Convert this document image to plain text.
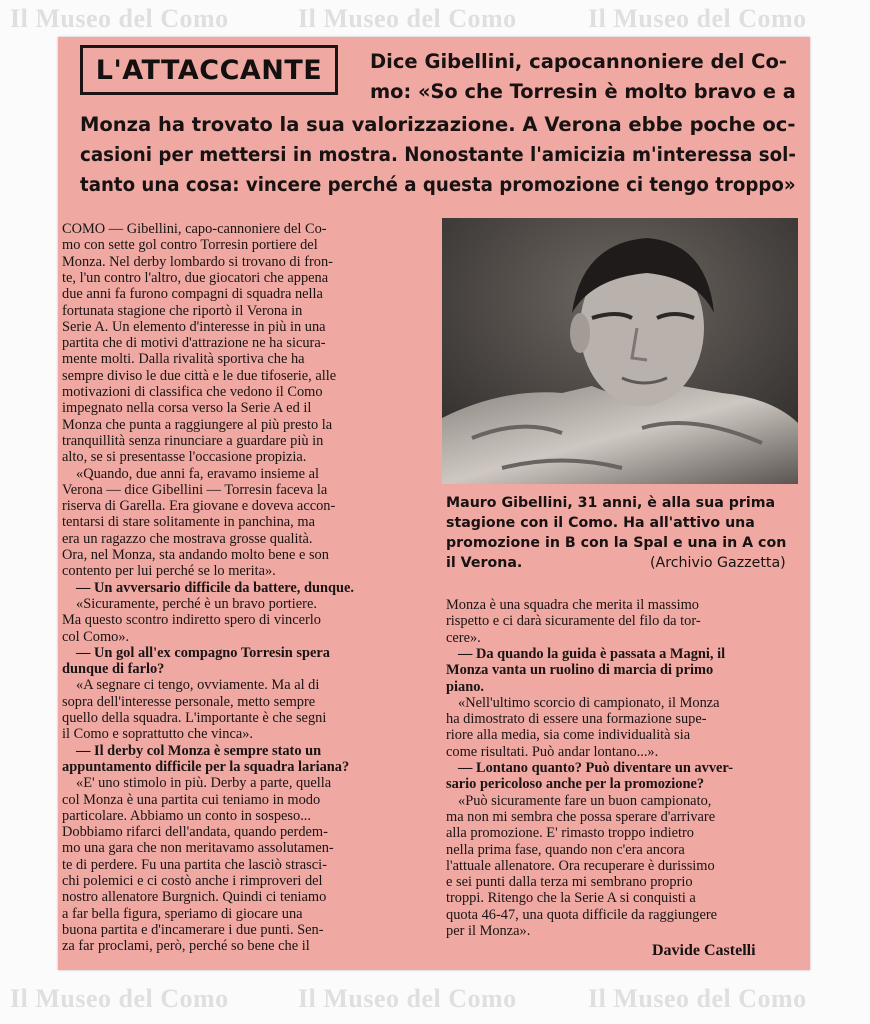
Il Museo del Como	Il Museo del Como	Il Museo del Como
Il Museo del Como	Il Museo del Como	Il Museo del Como
L'ATTACCANTE	Dice Gibellini, capocannoniere del Co-
mo: «So che Torresin è molto bravo e a
Monza ha trovato la sua valorizzazione. A Verona ebbe poche oc-
casioni per mettersi in mostra. Nonostante l'amicizia m'interessa sol-
tanto una cosa: vincere perché a questa promozione ci tengo troppo»
COMO — Gibellini, capo-cannoniere del Co-
mo con sette gol contro Torresin portiere del
Monza. Nel derby lombardo si trovano di fron-
te, l'un contro l'altro, due giocatori che appena
due anni fa furono compagni di squadra nella
fortunata stagione che riportò il Verona in
Serie A. Un elemento d'interesse in più in una
partita che di motivi d'attrazione ne ha sicura-
mente molti. Dalla rivalità sportiva che ha
sempre diviso le due città e le due tifoserie, alle
motivazioni di classifica che vedono il Como
impegnato nella corsa verso la Serie A ed il
Monza che punta a raggiungere al più presto la
tranquillità senza rinunciare a guardare più in
alto, se si presentasse l'occasione propizia.
«Quando, due anni fa, eravamo insieme al
Verona — dice Gibellini — Torresin faceva la
riserva di Garella. Era giovane e doveva accon-
tentarsi di stare solitamente in panchina, ma
era un ragazzo che mostrava grosse qualità.
Ora, nel Monza, sta andando molto bene e son
contento per lui perché se lo merita».
— Un avversario difficile da battere, dunque.
«Sicuramente, perché è un bravo portiere.
Ma questo scontro indiretto spero di vincerlo
col Como».
— Un gol all'ex compagno Torresin spera
dunque di farlo?
«A segnare ci tengo, ovviamente. Ma al di
sopra dell'interesse personale, metto sempre
quello della squadra. L'importante è che segni
il Como e soprattutto che vinca».
— Il derby col Monza è sempre stato un
appuntamento difficile per la squadra lariana?
«E' uno stimolo in più. Derby a parte, quella
col Monza è una partita cui teniamo in modo
particolare. Abbiamo un conto in sospeso...
Dobbiamo rifarci dell'andata, quando perdem-
mo una gara che non meritavamo assolutamen-
te di perdere. Fu una partita che lasciò strasci-
chi polemici e ci costò anche i rimproveri del
nostro allenatore Burgnich. Quindi ci teniamo
a far bella figura, speriamo di giocare una
buona partita e d'incamerare i due punti. Sen-
za far proclami, però, perché so bene che il
Mauro Gibellini, 31 anni, è alla sua prima
stagione con il Como. Ha all'attivo una
promozione in B con la Spal e una in A con
il Verona.	(Archivio Gazzetta)
Monza è una squadra che merita il massimo
rispetto e ci darà sicuramente del filo da tor-
cere».
— Da quando la guida è passata a Magni, il
Monza vanta un ruolino di marcia di primo
piano.
«Nell'ultimo scorcio di campionato, il Monza
ha dimostrato di essere una formazione supe-
riore alla media, sia come individualità sia
come risultati. Può andar lontano...».
— Lontano quanto? Può diventare un avver-
sario pericoloso anche per la promozione?
«Può sicuramente fare un buon campionato,
ma non mi sembra che possa sperare d'arrivare
alla promozione. E' rimasto troppo indietro
nella prima fase, quando non c'era ancora
l'attuale allenatore. Ora recuperare è durissimo
e sei punti dalla terza mi sembrano proprio
troppi. Ritengo che la Serie A si conquisti a
quota 46-47, una quota difficile da raggiungere
per il Monza».
Davide Castelli
